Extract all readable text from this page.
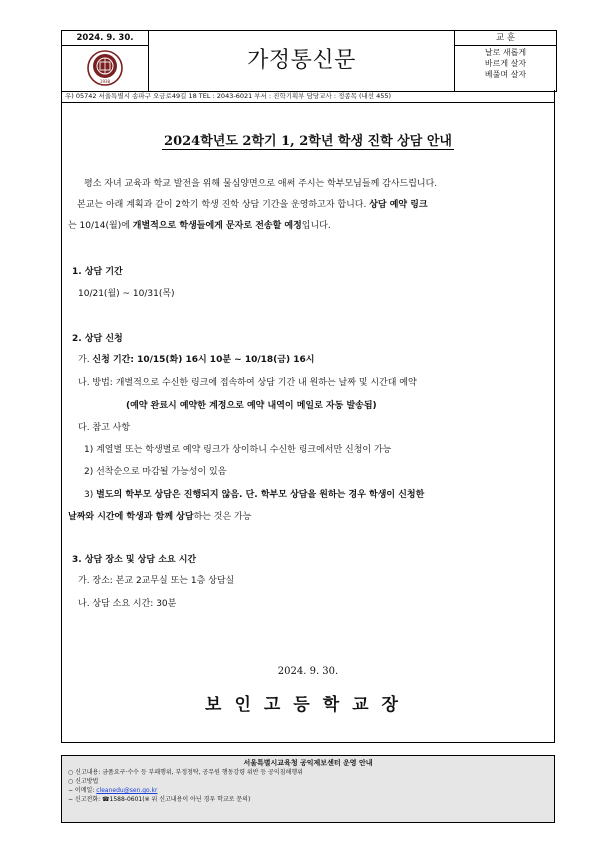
2024. 9. 30.
1938
가정통신문
교 훈
날로 새롭게
바르게 살자
베풀며 살자
우) 05742 서울특별시 송파구 오금로49길 18 TEL : 2043-6021 부서 : 진학기획부 담당교사 : 정종목 (내선 455)
2024학년도 2학기 1, 2학년 학생 진학 상담 안내
평소 자녀 교육과 학교 발전을 위해 물심양면으로 애써 주시는 학부모님들께 감사드립니다.
본교는 아래 계획과 같이 2학기 학생 진학 상담 기간을 운영하고자 합니다. 상담 예약 링크
는 10/14(월)에 개별적으로 학생들에게 문자로 전송할 예정입니다.
1. 상담 기간
10/21(월) ~ 10/31(목)
2. 상담 신청
가. 신청 기간: 10/15(화) 16시 10분 ~ 10/18(금) 16시
나. 방법: 개별적으로 수신한 링크에 접속하여 상담 기간 내 원하는 날짜 및 시간대 예약
(예약 완료시 예약한 계정으로 예약 내역이 메일로 자동 발송됨)
다. 참고 사항
1) 계열별 또는 학생별로 예약 링크가 상이하니 수신한 링크에서만 신청이 가능
2) 선착순으로 마감될 가능성이 있음
3) 별도의 학부모 상담은 진행되지 않음. 단. 학부모 상담을 원하는 경우 학생이 신청한
날짜와 시간에 학생과 함께 상담하는 것은 가능
3. 상담 장소 및 상담 소요 시간
가. 장소: 본교 2교무실 또는 1층 상담실
나. 상담 소요 시간: 30분
2024. 9. 30.
보인고등학교장
서울특별시교육청 공익제보센터 운영 안내
○ 신고내용: 금품요구·수수 등 부패행위, 부정청탁, 공무원 행동강령 위반 등 공익침해행위
○ 신고방법
− 이메일: cleanedu@sen.go.kr
− 신고전화: ☎1588-0601(※ 위 신고내용이 아닌 경우 학교로 문의)
